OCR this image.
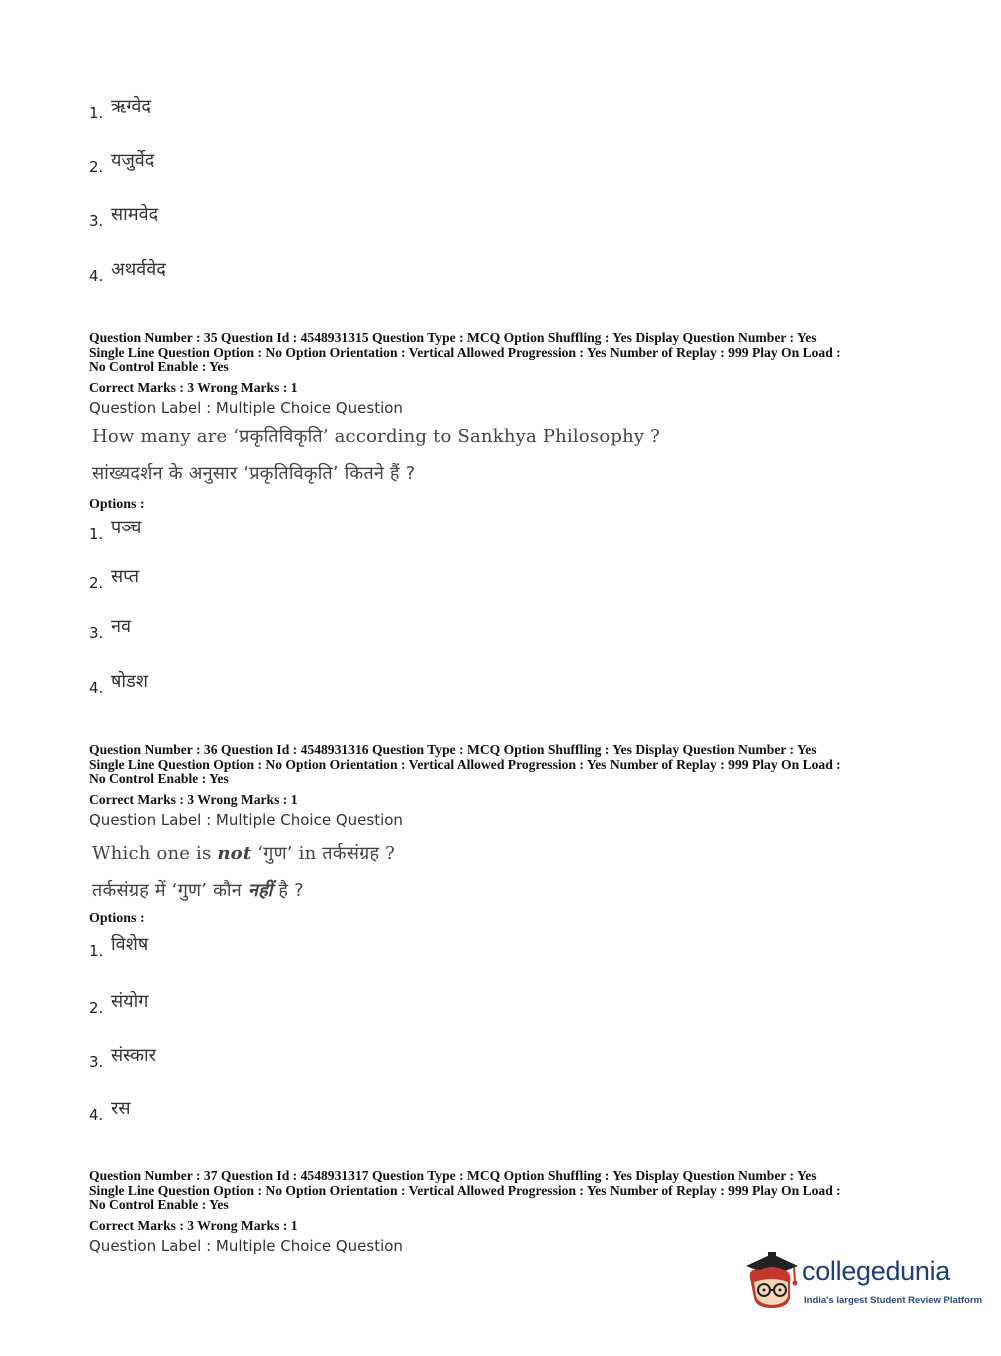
1. ऋग्वेद
2. यजुर्वेद
3. सामवेद
4. अथर्ववेद
Question Number : 35 Question Id : 4548931315 Question Type : MCQ Option Shuffling : Yes Display Question Number : Yes
Single Line Question Option : No Option Orientation : Vertical Allowed Progression : Yes Number of Replay : 999 Play On Load :
No Control Enable : Yes
Correct Marks : 3 Wrong Marks : 1
Question Label : Multiple Choice Question
How many are ‘प्रकृतिविकृति’ according to Sankhya Philosophy ?
सांख्यदर्शन के अनुसार ‘प्रकृतिविकृति’ कितने हैं ?
Options :
1. पञ्च
2. सप्त
3. नव
4. षोडश
Question Number : 36 Question Id : 4548931316 Question Type : MCQ Option Shuffling : Yes Display Question Number : Yes
Single Line Question Option : No Option Orientation : Vertical Allowed Progression : Yes Number of Replay : 999 Play On Load :
No Control Enable : Yes
Correct Marks : 3 Wrong Marks : 1
Question Label : Multiple Choice Question
Which one is not ‘गुण’ in तर्कसंग्रह ?
तर्कसंग्रह में ‘गुण’ कौन नहीं है ?
Options :
1. विशेष
2. संयोग
3. संस्कार
4. रस
Question Number : 37 Question Id : 4548931317 Question Type : MCQ Option Shuffling : Yes Display Question Number : Yes
Single Line Question Option : No Option Orientation : Vertical Allowed Progression : Yes Number of Replay : 999 Play On Load :
No Control Enable : Yes
Correct Marks : 3 Wrong Marks : 1
Question Label : Multiple Choice Question
collegedunia
India's largest Student Review Platform
